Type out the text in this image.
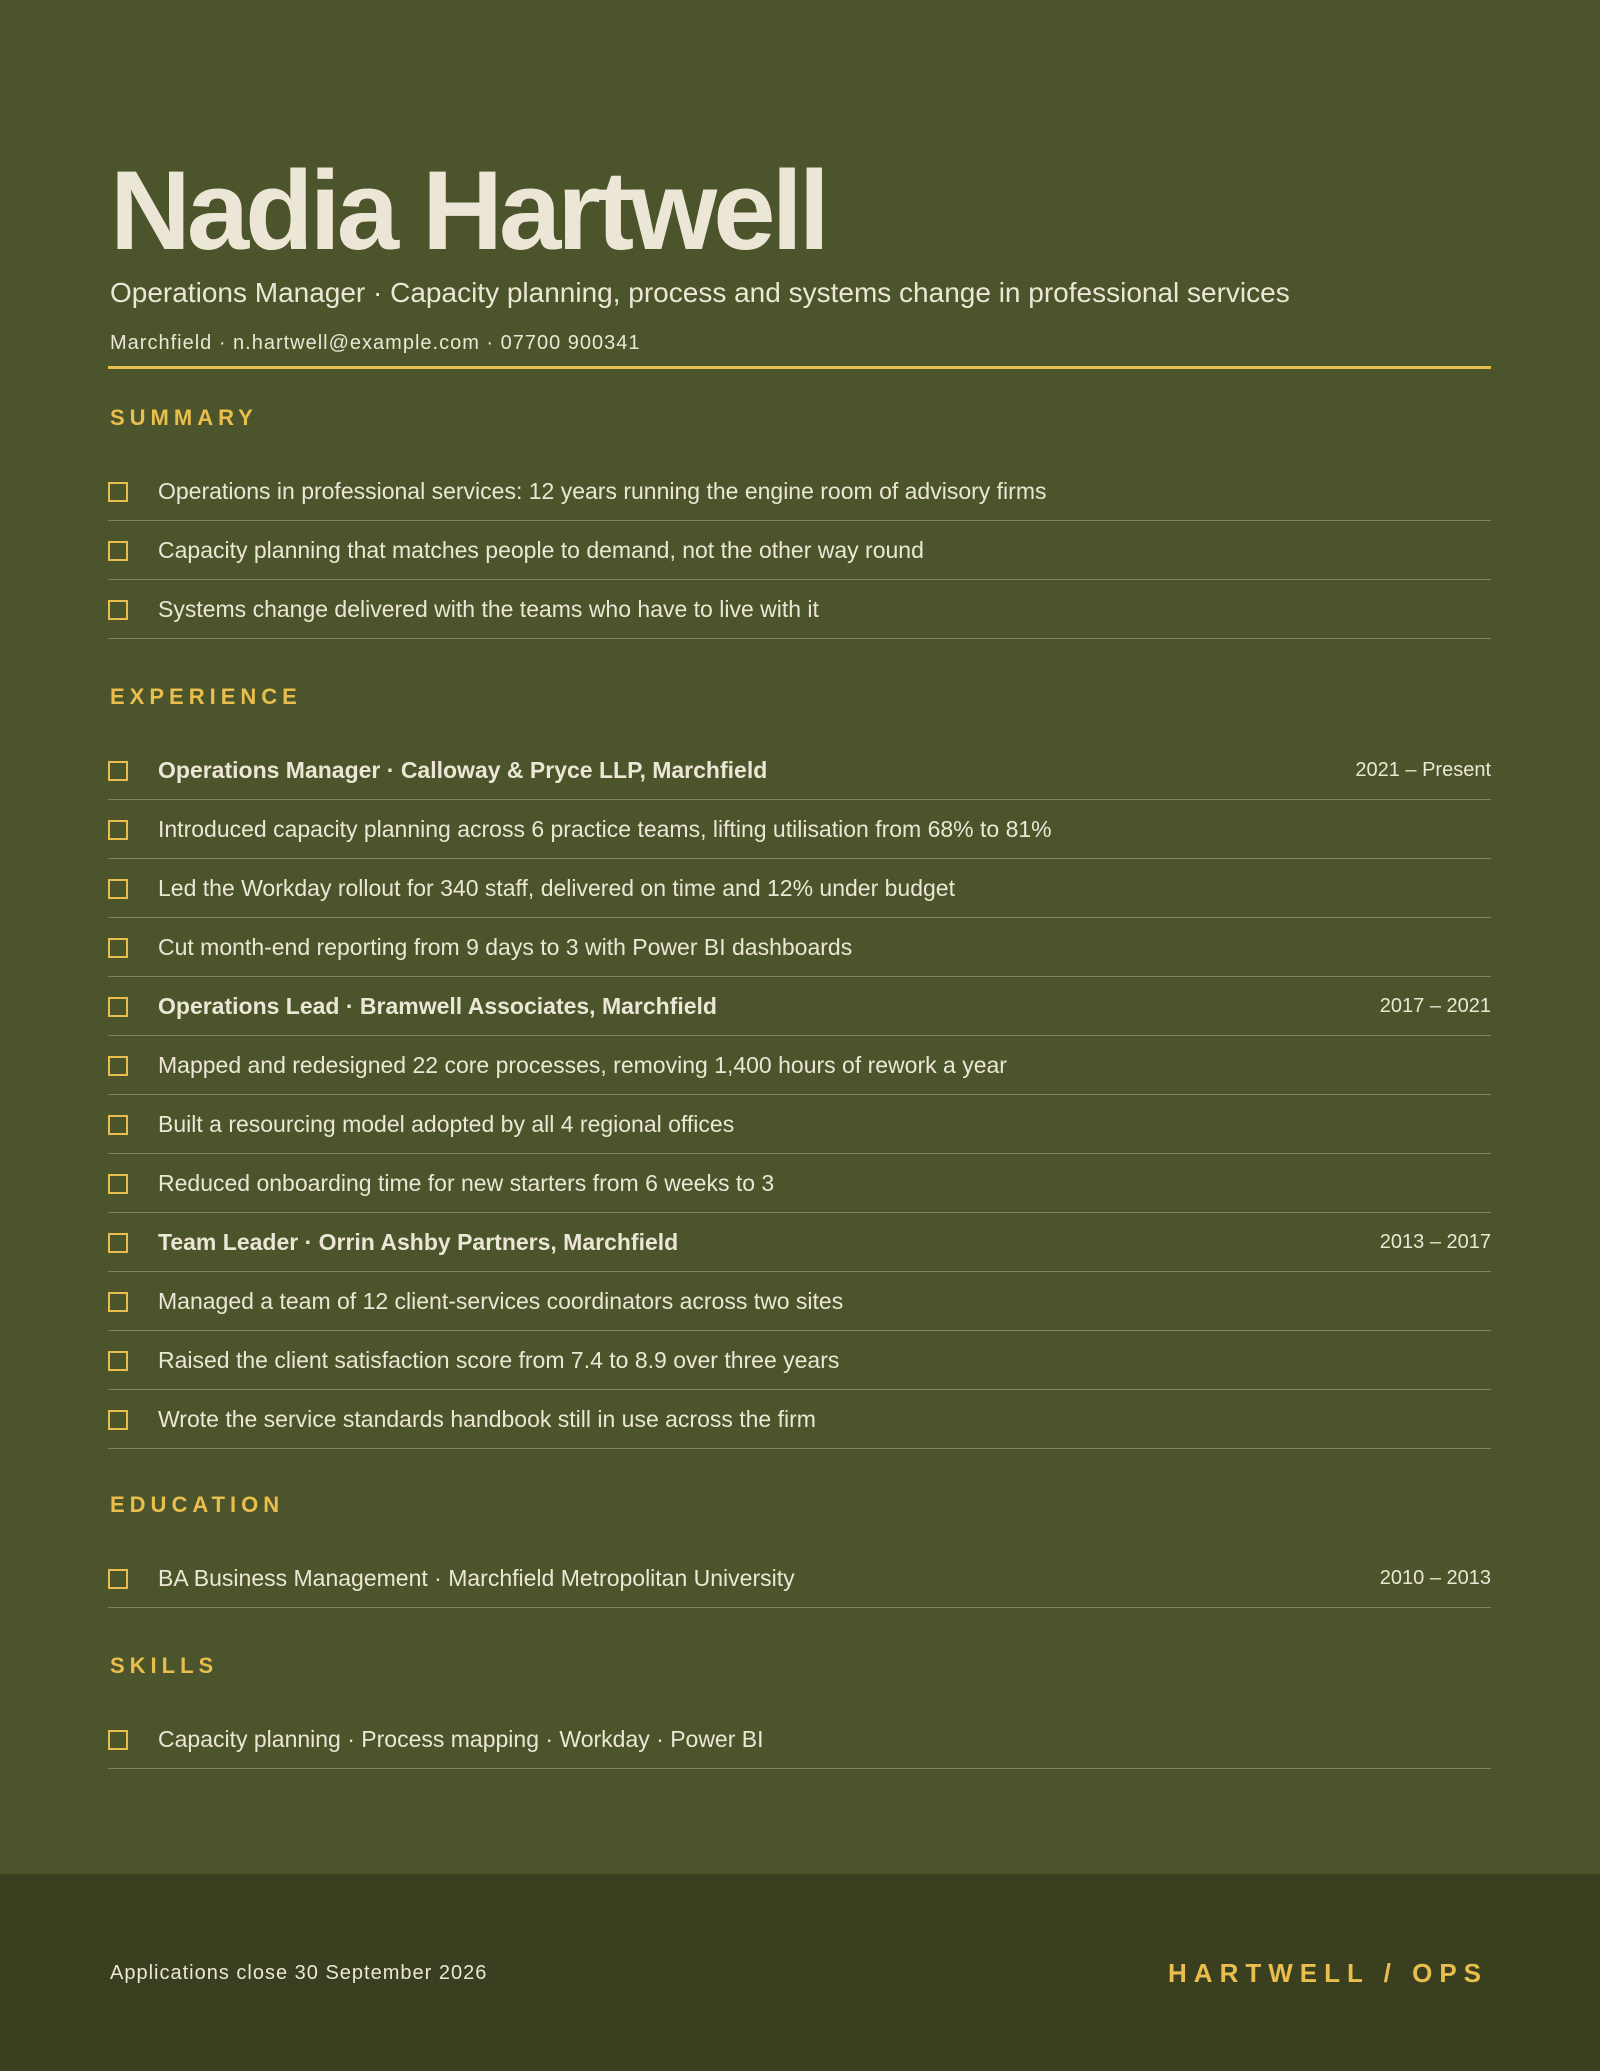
Nadia Hartwell
Operations Manager · Capacity planning, process and systems change in professional services
Marchfield · n.hartwell@example.com · 07700 900341
SUMMARY
Operations in professional services: 12 years running the engine room of advisory firms
Capacity planning that matches people to demand, not the other way round
Systems change delivered with the teams who have to live with it
EXPERIENCE
Operations Manager · Calloway & Pryce LLP, Marchfield	2021 – Present
Introduced capacity planning across 6 practice teams, lifting utilisation from 68% to 81%
Led the Workday rollout for 340 staff, delivered on time and 12% under budget
Cut month-end reporting from 9 days to 3 with Power BI dashboards
Operations Lead · Bramwell Associates, Marchfield	2017 – 2021
Mapped and redesigned 22 core processes, removing 1,400 hours of rework a year
Built a resourcing model adopted by all 4 regional offices
Reduced onboarding time for new starters from 6 weeks to 3
Team Leader · Orrin Ashby Partners, Marchfield	2013 – 2017
Managed a team of 12 client-services coordinators across two sites
Raised the client satisfaction score from 7.4 to 8.9 over three years
Wrote the service standards handbook still in use across the firm
EDUCATION
BA Business Management · Marchfield Metropolitan University	2010 – 2013
SKILLS
Capacity planning · Process mapping · Workday · Power BI
Applications close 30 September 2026	HARTWELL / OPS
